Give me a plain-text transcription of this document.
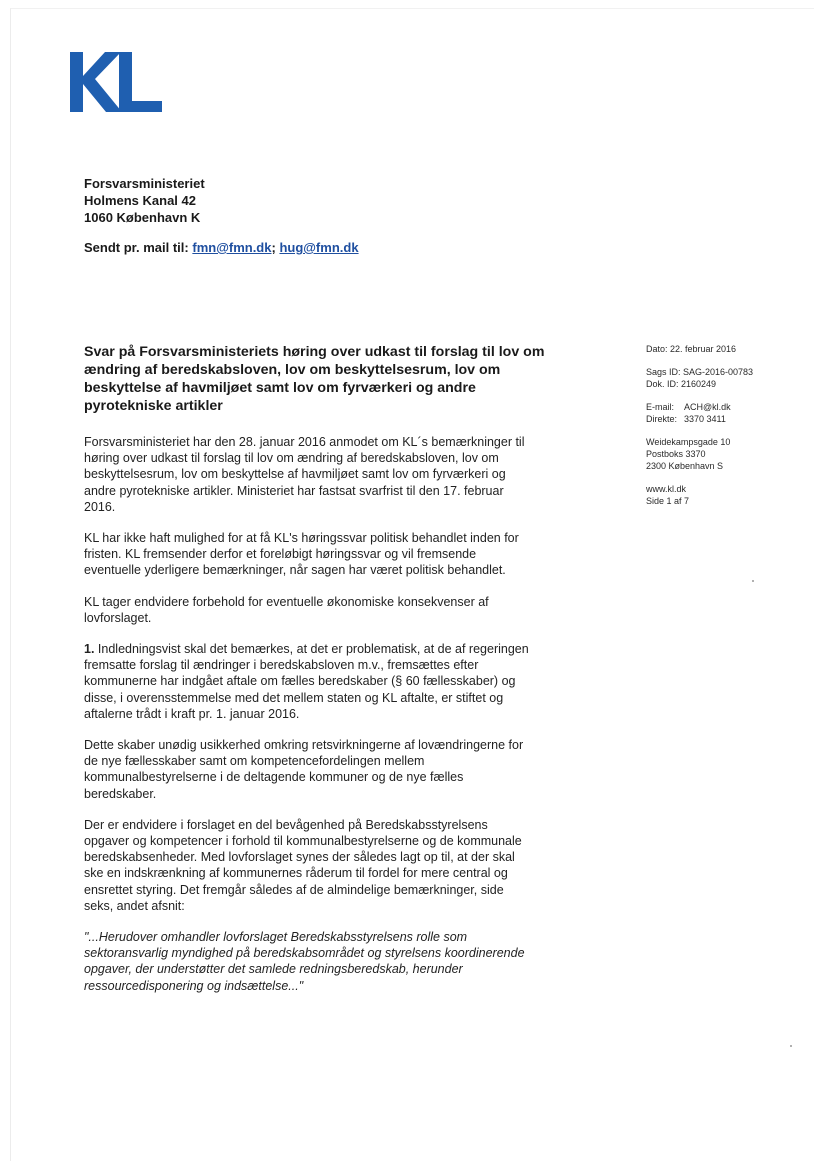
Forsvarsministeriet
Holmens Kanal 42
1060 København K
Sendt pr. mail til: fmn@fmn.dk; hug@fmn.dk
Svar på Forsvarsministeriets høring over udkast til forslag til lov om ændring af beredskabsloven, lov om beskyttelsesrum, lov om beskyttelse af havmiljøet samt lov om fyrværkeri og andre pyrotekniske artikler
Dato: 22. februar 2016
Sags ID: SAG-2016-00783
Dok. ID: 2160249
E-mail: ACH@kl.dk
Direkte: 3370 3411
Weidekampsgade 10
Postboks 3370
2300 København S
www.kl.dk
Side 1 af 7

Forsvarsministeriet har den 28. januar 2016 anmodet om KL´s bemærkninger til høring over udkast til forslag til lov om ændring af beredskabsloven, lov om beskyttelsesrum, lov om beskyttelse af havmiljøet samt lov om fyrværkeri og andre pyrotekniske artikler. Ministeriet har fastsat svarfrist til den 17. februar 2016.

KL har ikke haft mulighed for at få KL's høringssvar politisk behandlet inden for fristen. KL fremsender derfor et foreløbigt høringssvar og vil fremsende eventuelle yderligere bemærkninger, når sagen har været politisk behandlet.

KL tager endvidere forbehold for eventuelle økonomiske konsekvenser af lovforslaget.

1. Indledningsvist skal det bemærkes, at det er problematisk, at de af regeringen fremsatte forslag til ændringer i beredskabsloven m.v., fremsættes efter kommunerne har indgået aftale om fælles beredskaber (§ 60 fællesskaber) og disse, i overensstemmelse med det mellem staten og KL aftalte, er stiftet og aftalerne trådt i kraft pr. 1. januar 2016.

Dette skaber unødig usikkerhed omkring retsvirkningerne af lovændringerne for de nye fællesskaber samt om kompetencefordelingen mellem kommunalbestyrelserne i de deltagende kommuner og de nye fælles beredskaber.

Der er endvidere i forslaget en del bevågenhed på Beredskabsstyrelsens opgaver og kompetencer i forhold til kommunalbestyrelserne og de kommunale beredskabsenheder. Med lovforslaget synes der således lagt op til, at der skal ske en indskrænkning af kommunernes råderum til fordel for mere central og ensrettet styring. Det fremgår således af de almindelige bemærkninger, side seks, andet afsnit:

"...Herudover omhandler lovforslaget Beredskabsstyrelsens rolle som sektoransvarlig myndighed på beredskabsområdet og styrelsens koordinerende opgaver, der understøtter det samlede redningsberedskab, herunder ressourcedisponering og indsættelse..."
